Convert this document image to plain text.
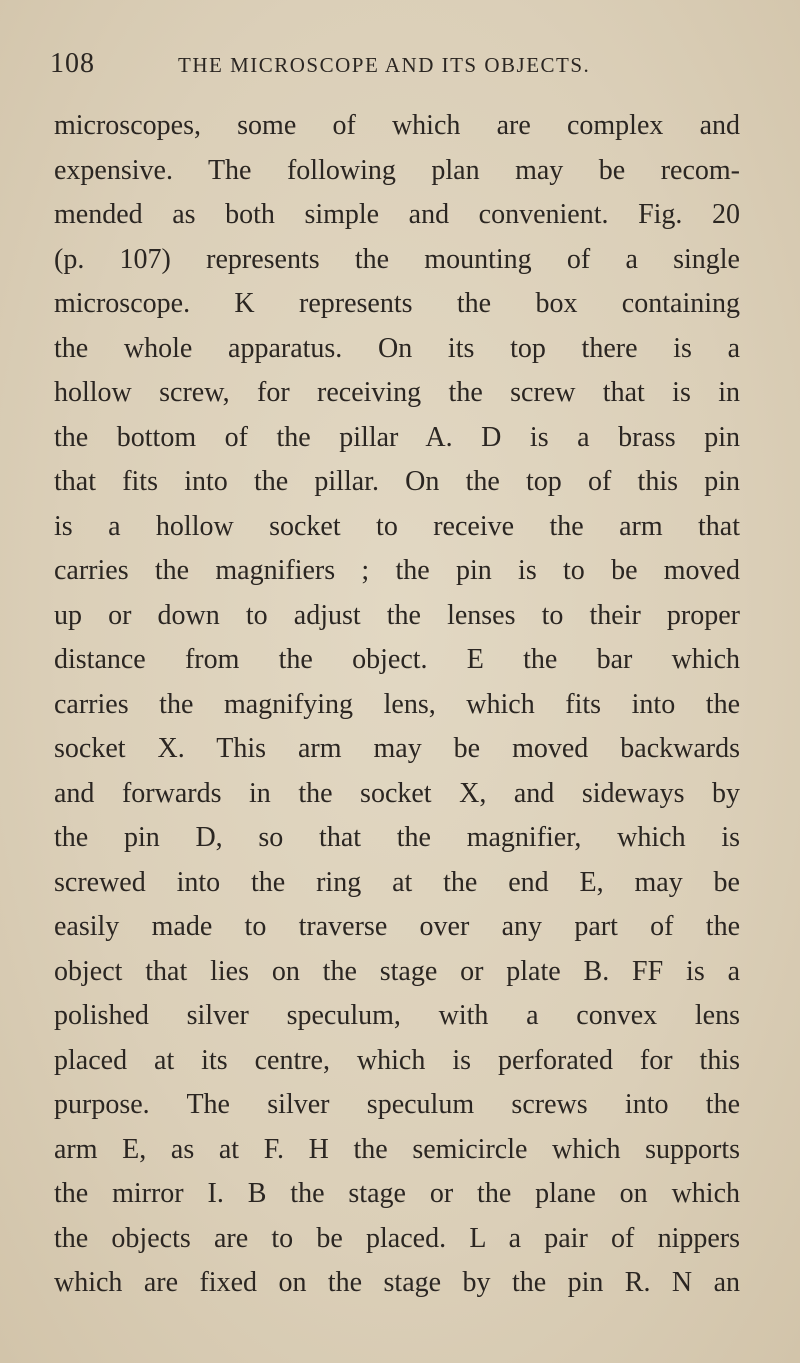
108	THE MICROSCOPE AND ITS OBJECTS.
microscopes, some of which are complex and
expensive. The following plan may be recom-
mended as both simple and convenient. Fig. 20
(p. 107) represents the mounting of a single
microscope. K represents the box containing
the whole apparatus. On its top there is a
hollow screw, for receiving the screw that is in
the bottom of the pillar A. D is a brass pin
that fits into the pillar. On the top of this pin
is a hollow socket to receive the arm that
carries the magnifiers ; the pin is to be moved
up or down to adjust the lenses to their proper
distance from the object. E the bar which
carries the magnifying lens, which fits into the
socket X. This arm may be moved backwards
and forwards in the socket X, and sideways by
the pin D, so that the magnifier, which is
screwed into the ring at the end E, may be
easily made to traverse over any part of the
object that lies on the stage or plate B. FF is a
polished silver speculum, with a convex lens
placed at its centre, which is perforated for this
purpose. The silver speculum screws into the
arm E, as at F. H the semicircle which supports
the mirror I. B the stage or the plane on which
the objects are to be placed. L a pair of nippers
which are fixed on the stage by the pin R. N an
